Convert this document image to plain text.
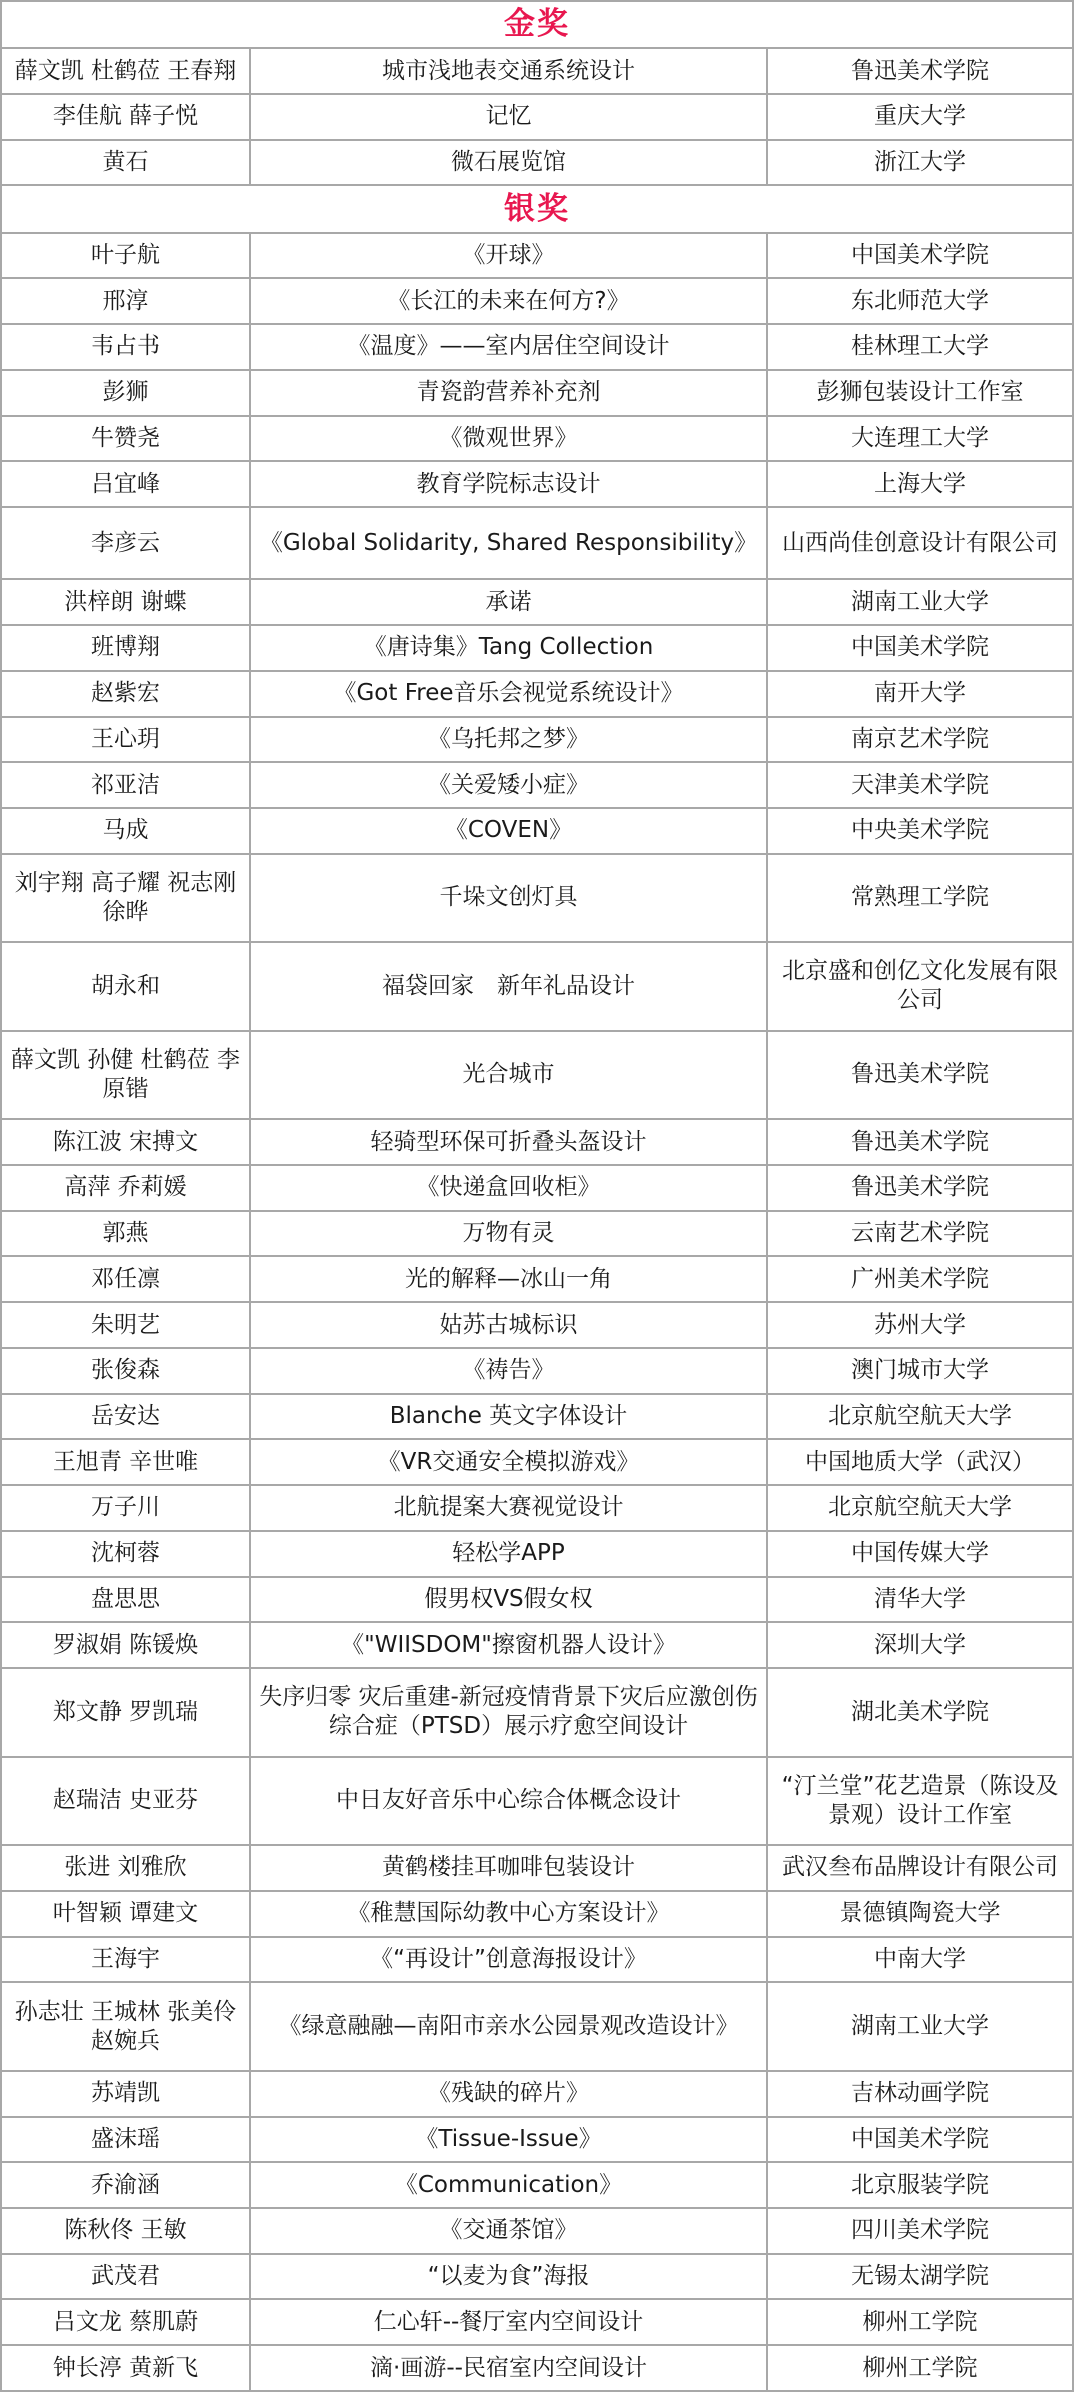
金奖		
薛文凯 杜鹤莅 王春翔	城市浅地表交通系统设计	鲁迅美术学院
李佳航 薛子悦	记忆	重庆大学
黄石	微石展览馆	浙江大学
银奖		
叶子航	《开球》	中国美术学院
邢淳	《长江的未来在何方?》	东北师范大学
韦占书	《温度》——室内居住空间设计	桂林理工大学
彭狮	青瓷韵营养补充剂	彭狮包装设计工作室
牛赞尧	《微观世界》	大连理工大学
吕宜峰	教育学院标志设计	上海大学
李彦云	《Global Solidarity, Shared Responsibility》	山西尚佳创意设计有限公司
洪梓朗 谢蝶	承诺	湖南工业大学
班博翔	《唐诗集》Tang Collection	中国美术学院
赵紫宏	《Got Free音乐会视觉系统设计》	南开大学
王心玥	《乌托邦之梦》	南京艺术学院
祁亚洁	《关爱矮小症》	天津美术学院
马成	《COVEN》	中央美术学院
刘宇翔 高子耀 祝志刚 徐晔	千垛文创灯具	常熟理工学院
胡永和	福袋回家　新年礼品设计	北京盛和创亿文化发展有限公司
薛文凯 孙健 杜鹤莅 李原锴	光合城市	鲁迅美术学院
陈江波 宋搏文	轻骑型环保可折叠头盔设计	鲁迅美术学院
高萍 乔莉媛	《快递盒回收柜》	鲁迅美术学院
郭燕	万物有灵	云南艺术学院
邓任凛	光的解释—冰山一角	广州美术学院
朱明艺	姑苏古城标识	苏州大学
张俊森	《祷告》	澳门城市大学
岳安达	Blanche 英文字体设计	北京航空航天大学
王旭青 辛世唯	《VR交通安全模拟游戏》	中国地质大学（武汉）
万子川	北航提案大赛视觉设计	北京航空航天大学
沈柯蓉	轻松学APP	中国传媒大学
盘思思	假男权VS假女权	清华大学
罗淑娟 陈锾焕	《"WIISDOM"擦窗机器人设计》	深圳大学
郑文静 罗凯瑞	失序归零 灾后重建-新冠疫情背景下灾后应激创伤综合症（PTSD）展示疗愈空间设计	湖北美术学院
赵瑞洁 史亚芬	中日友好音乐中心综合体概念设计	“汀兰堂”花艺造景（陈设及景观）设计工作室
张进 刘雅欣	黄鹤楼挂耳咖啡包装设计	武汉叁布品牌设计有限公司
叶智颖 谭建文	《稚慧国际幼教中心方案设计》	景德镇陶瓷大学
王海宇	《“再设计”创意海报设计》	中南大学
孙志壮 王城林 张美伶 赵婉兵	《绿意融融—南阳市亲水公园景观改造设计》	湖南工业大学
苏靖凯	《残缺的碎片》	吉林动画学院
盛沫瑶	《Tissue-Issue》	中国美术学院
乔渝涵	《Communication》	北京服装学院
陈秋佟 王敏	《交通茶馆》	四川美术学院
武茂君	“以麦为食”海报	无锡太湖学院
吕文龙 蔡肌蔚	仁心轩--餐厅室内空间设计	柳州工学院
钟长渟 黄新飞	滴·画游--民宿室内空间设计	柳州工学院
